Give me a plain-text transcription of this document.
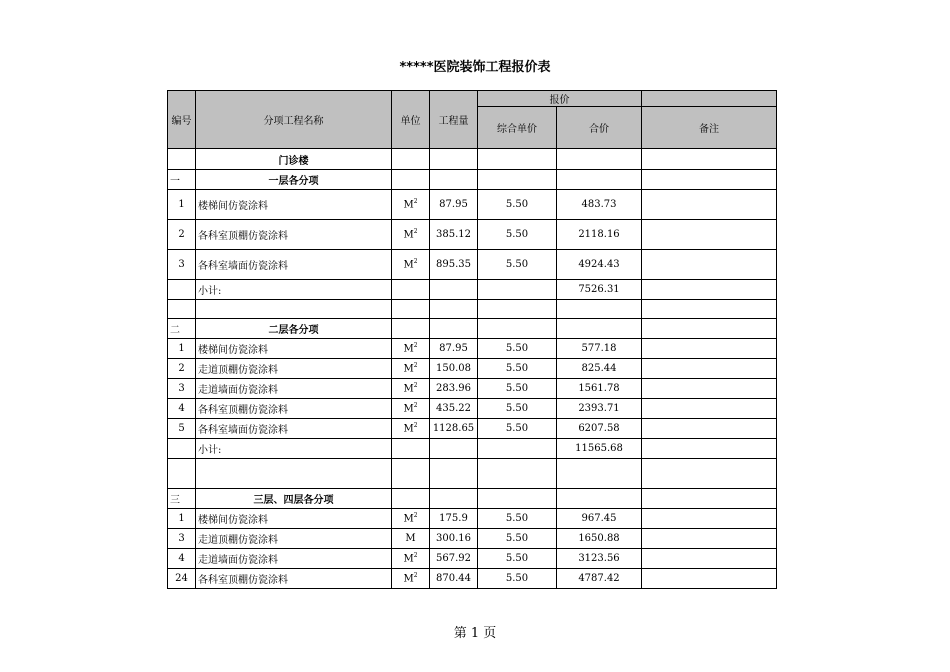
*****医院装饰工程报价表
编号	分项工程名称	单位	工程量	报价		
				综合单价	合价	备注
	门诊楼					
一	一层各分项					
1	楼梯间仿瓷涂料	$M^2$	87.95	5.50	483.73	
2	各科室顶棚仿瓷涂料	$M^2$	385.12	5.50	2118.16	
3	各科室墙面仿瓷涂料	$M^2$	895.35	5.50	4924.43	
	小计:				7526.31	

二	二层各分项					
1	楼梯间仿瓷涂料	$M^2$	87.95	5.50	577.18	
2	走道顶棚仿瓷涂料	$M^2$	150.08	5.50	825.44	
3	走道墙面仿瓷涂料	$M^2$	283.96	5.50	1561.78	
4	各科室顶棚仿瓷涂料	$M^2$	435.22	5.50	2393.71	
5	各科室墙面仿瓷涂料	$M^2$	1128.65	5.50	6207.58	
	小计:				11565.68	

三	三层、四层各分项					
1	楼梯间仿瓷涂料	$M^2$	175.9	5.50	967.45	
3	走道顶棚仿瓷涂料	M	300.16	5.50	1650.88	
4	走道墙面仿瓷涂料	$M^2$	567.92	5.50	3123.56	
24	各科室顶棚仿瓷涂料	$M^2$	870.44	5.50	4787.42	
第 1 页
